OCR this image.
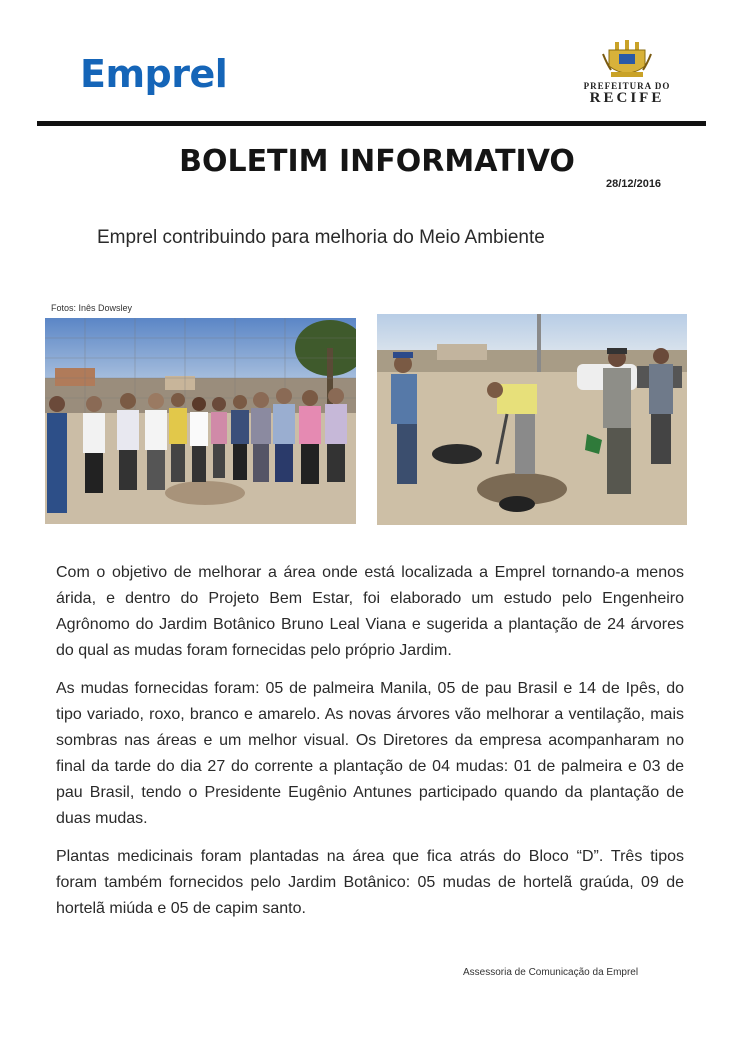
Emprel	PREFEITURA DO
RECIFE
BOLETIM INFORMATIVO
28/12/2016
Emprel contribuindo para melhoria do Meio Ambiente
Fotos: Inês Dowsley

Com o objetivo de melhorar a área onde está localizada a Emprel tornando-a menos árida, e dentro do Projeto Bem Estar, foi elaborado um estudo pelo Engenheiro Agrônomo do Jardim Botânico Bruno Leal Viana e sugerida a plantação de 24 árvores do qual as mudas foram fornecidas pelo próprio Jardim.

As mudas fornecidas foram: 05 de palmeira Manila, 05 de pau Brasil e 14 de Ipês, do tipo variado, roxo, branco e amarelo. As novas árvores vão melhorar a ventilação, mais sombras nas áreas e um melhor visual. Os Diretores da empresa acompanharam no final da tarde do dia 27 do corrente a plantação de 04 mudas: 01 de palmeira e 03 de pau Brasil, tendo o Presidente Eugênio Antunes participado quando da plantação de duas mudas.

Plantas medicinais foram plantadas na área que fica atrás do Bloco “D”. Três tipos foram também fornecidos pelo Jardim Botânico: 05 mudas de hortelã graúda, 09 de hortelã miúda e 05 de capim santo.

Assessoria de Comunicação da Emprel
